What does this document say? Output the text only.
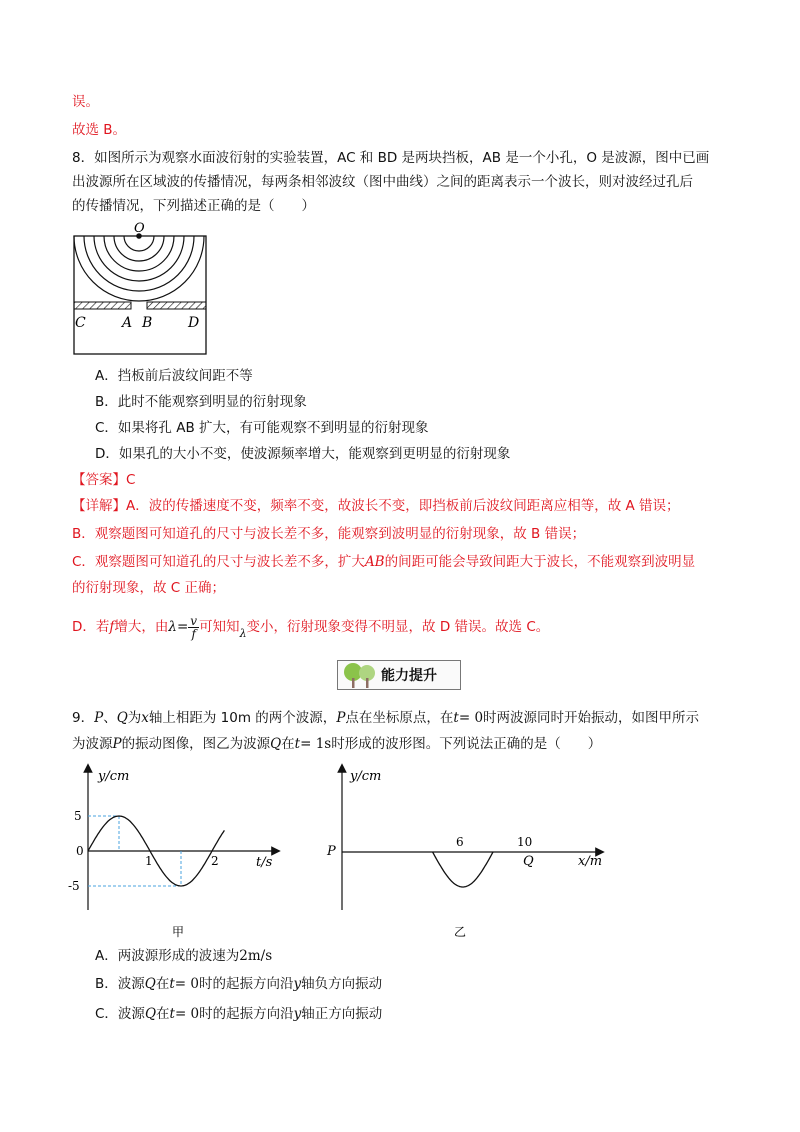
误。
故选 B。
8．如图所示为观察水面波衍射的实验装置，AC 和 BD 是两块挡板，AB 是一个小孔，O 是波源，图中已画
出波源所在区域波的传播情况，每两条相邻波纹（图中曲线）之间的距离表示一个波长，则对波经过孔后
的传播情况，下列描述正确的是（　　）
O
C	A B	D
A．挡板前后波纹间距不等
B．此时不能观察到明显的衍射现象
C．如果将孔 AB 扩大，有可能观察不到明显的衍射现象
D．如果孔的大小不变，使波源频率增大，能观察到更明显的衍射现象
【答案】C
【详解】A．波的传播速度不变，频率不变，故波长不变，即挡板前后波纹间距离应相等，故 A 错误；
B．观察题图可知道孔的尺寸与波长差不多，能观察到波明显的衍射现象，故 B 错误；
C．观察题图可知道孔的尺寸与波长差不多，扩大AB的间距可能会导致间距大于波长，不能观察到波明显
的衍射现象，故 C 正确；
D．若f增大，由$\lambda= \frac{v}{f}$ 可知知$_\lambda$变小，衍射现象变得不明显，故 D 错误。故选 C。
能力提升
9．P、Q为x轴上相距为 10m 的两个波源，P点在坐标原点，在t= 0时两波源同时开始振动，如图甲所示
为波源P的振动图像，图乙为波源Q在t= 1s时形成的波形图。下列说法正确的是（　　）
y/cm
t/s
5
0
-5
1	2
甲
y/cm
x/m
P
6	10
Q
乙
A．两波源形成的波速为2m/s
B．波源Q在t= 0时的起振方向沿y轴负方向振动
C．波源Q在t= 0时的起振方向沿y轴正方向振动
